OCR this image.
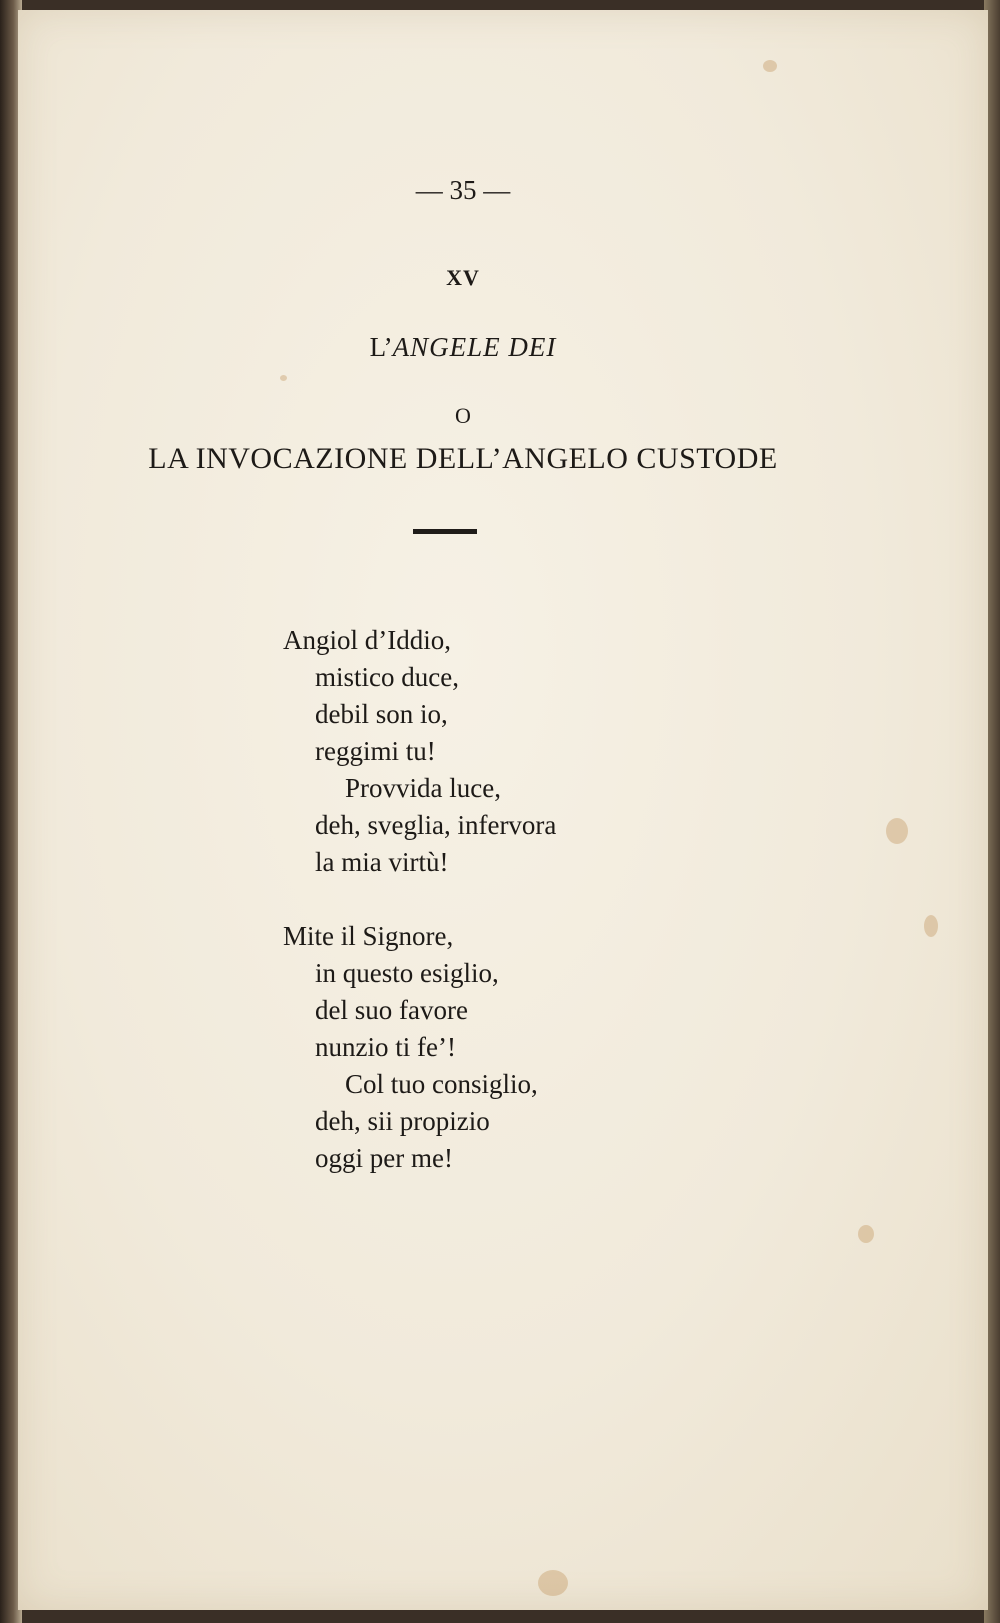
— 35 —
XV
L’ANGELE DEI
O
LA INVOCAZIONE DELL’ANGELO CUSTODE
Angiol d’Iddio,
mistico duce,
debil son io,
reggimi tu!
Provvida luce,
deh, sveglia, infervora
la mia virtù!
Mite il Signore,
in questo esiglio,
del suo favore
nunzio ti fe’!
Col tuo consiglio,
deh, sii propizio
oggi per me!
